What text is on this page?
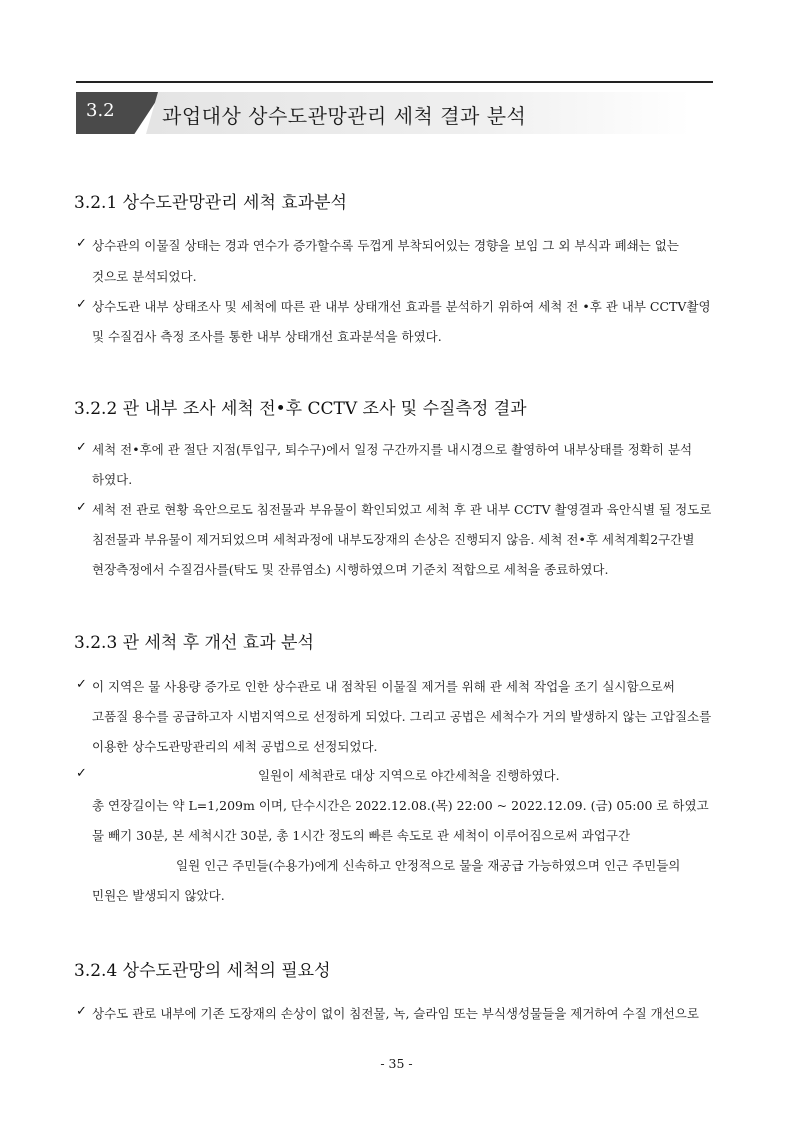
3.2 과업대상 상수도관망관리 세척 결과 분석
3.2.1 상수도관망관리 세척 효과분석
✓ 상수관의 이물질 상태는 경과 연수가 증가할수록 두껍게 부착되어있는 경향을 보임 그 외 부식과 폐쇄는 없는
것으로 분석되었다.
✓ 상수도관 내부 상태조사 및 세척에 따른 관 내부 상태개선 효과를 분석하기 위하여 세척 전 •후 관 내부 CCTV촬영
및 수질검사 측정 조사를 통한 내부 상태개선 효과분석을 하였다.
3.2.2 관 내부 조사 세척 전•후 CCTV 조사 및 수질측정 결과
✓ 세척 전•후에 관 절단 지점(투입구, 퇴수구)에서 일정 구간까지를 내시경으로 촬영하여 내부상태를 정확히 분석
하였다.
✓ 세척 전 관로 현황 육안으로도 침전물과 부유물이 확인되었고 세척 후 관 내부 CCTV 촬영결과 육안식별 될 정도로
침전물과 부유물이 제거되었으며 세척과정에 내부도장재의 손상은 진행되지 않음. 세척 전•후 세척계획2구간별
현장측정에서 수질검사를(탁도 및 잔류염소) 시행하였으며 기준치 적합으로 세척을 종료하였다.
3.2.3 관 세척 후 개선 효과 분석
✓ 이 지역은 물 사용량 증가로 인한 상수관로 내 점착된 이물질 제거를 위해 관 세척 작업을 조기 실시함으로써
고품질 용수를 공급하고자 시범지역으로 선정하게 되었다. 그리고 공법은 세척수가 거의 발생하지 않는 고압질소를
이용한 상수도관망관리의 세척 공법으로 선정되었다.
✓	일원이 세척관로 대상 지역으로 야간세척을 진행하였다.
총 연장길이는 약 L=1,209m 이며, 단수시간은 2022.12.08.(목) 22:00 ~ 2022.12.09. (금) 05:00 로 하였고
물 빼기 30분, 본 세척시간 30분, 총 1시간 정도의 빠른 속도로 관 세척이 이루어짐으로써 과업구간
일원 인근 주민들(수용가)에게 신속하고 안정적으로 물을 재공급 가능하였으며 인근 주민들의
민원은 발생되지 않았다.
3.2.4 상수도관망의 세척의 필요성
✓ 상수도 관로 내부에 기존 도장재의 손상이 없이 침전물, 녹, 슬라임 또는 부식생성물들을 제거하여 수질 개선으로
- 35 -
